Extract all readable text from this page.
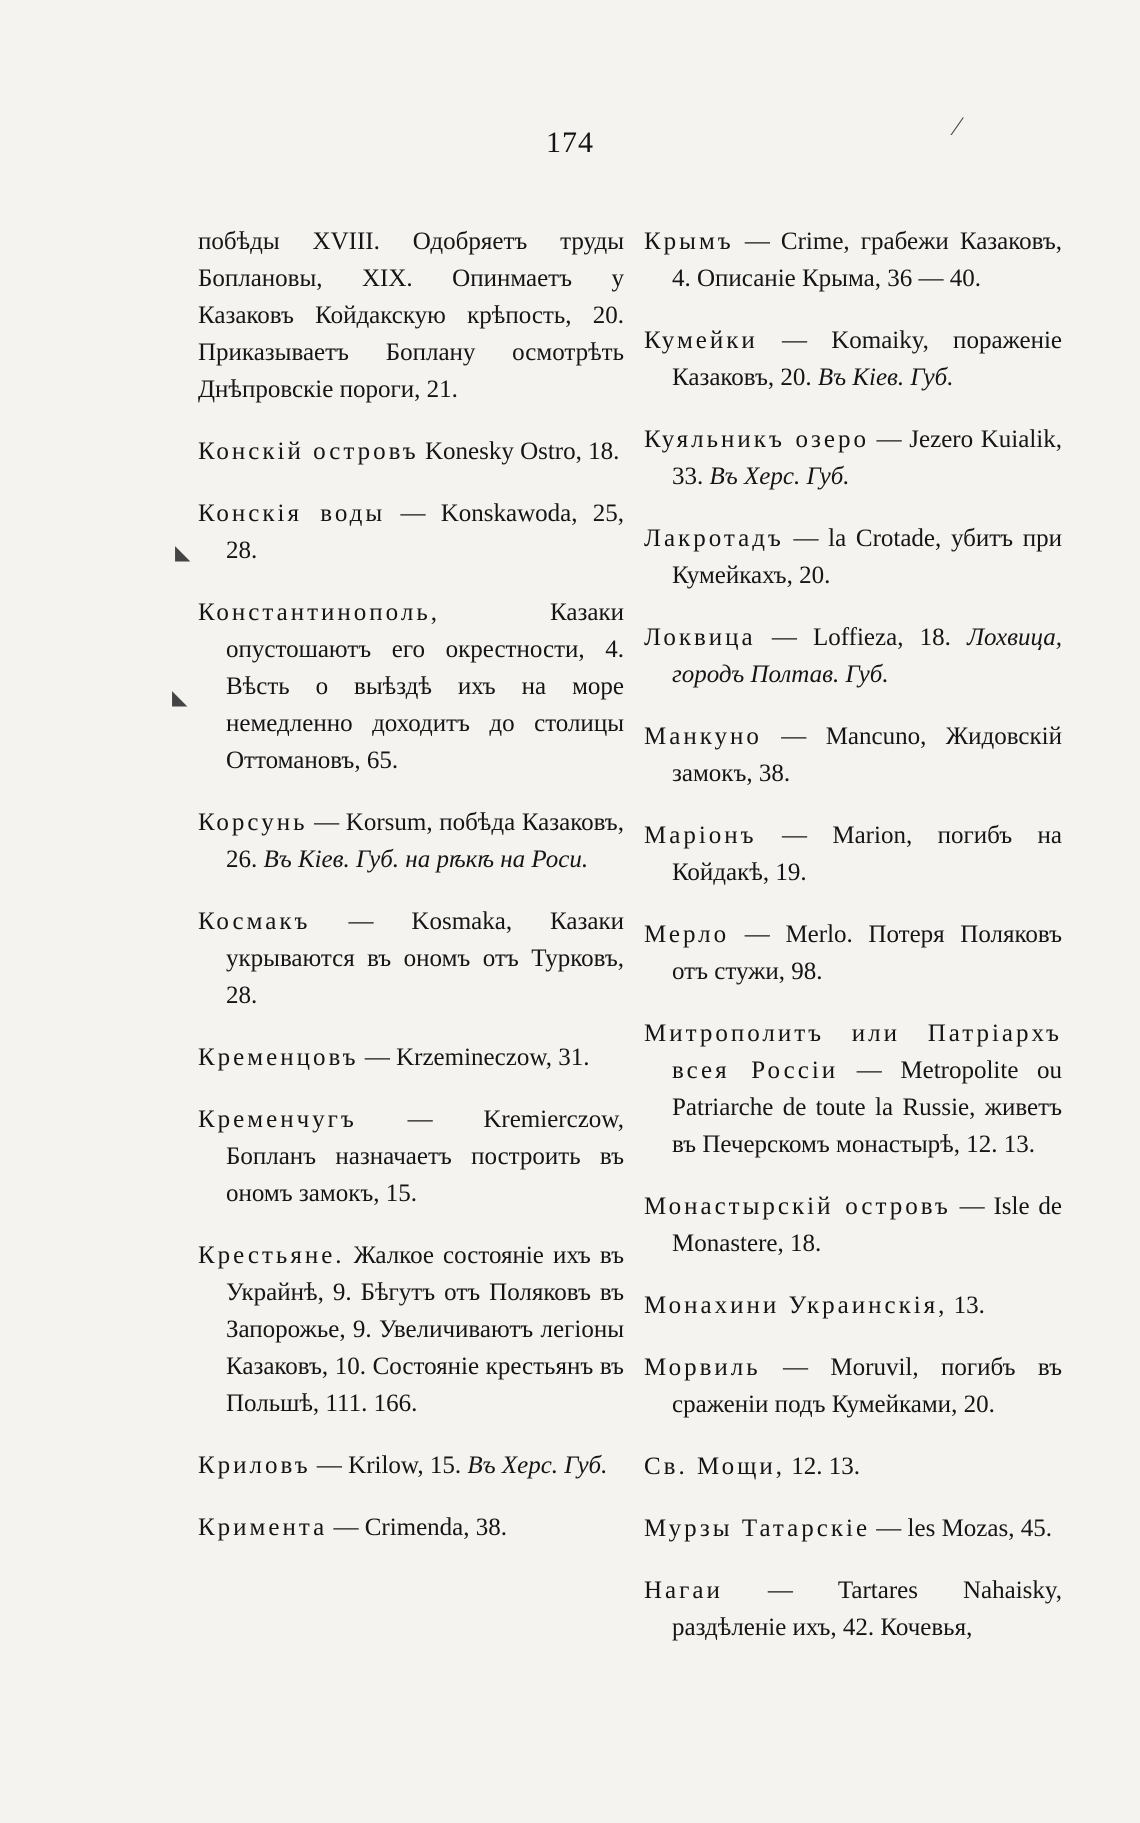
174	⁄
◣
◣

побѣды XVIII. Одобряетъ труды Боплановы, XIX. Опинмаетъ у Казаковъ Койдакскую крѣпость, 20. Приказываетъ Боплану осмотрѣть Днѣпровскіе пороги, 21.

Конскій островъ Konesky Ostro, 18.

Конскія воды — Konskawoda, 25, 28.

Константинополь, Казаки опустошаютъ его окрестности, 4. Вѣсть о выѣздѣ ихъ на море немедленно доходитъ до столицы Оттомановъ, 65.

Корсунь — Korsum, побѣда Казаковъ, 26. Въ Кіев. Губ. на рѣкѣ на Роси.

Космакъ — Kosmaka, Казаки укрываются въ ономъ отъ Турковъ, 28.

Кременцовъ — Krzemineczow, 31.

Кременчугъ — Kremierczow, Бопланъ назначаетъ построить въ ономъ замокъ, 15.

Крестьяне. Жалкое состояніе ихъ въ Украйнѣ, 9. Бѣгутъ отъ Поляковъ въ Запорожье, 9. Увеличиваютъ легіоны Казаковъ, 10. Состояніе крестьянъ въ Польшѣ, 111. 166.

Криловъ — Krilow, 15. Въ Херс. Губ.

Кримента — Crimenda, 38.

Крымъ — Crime, грабежи Казаковъ, 4. Описаніе Крыма, 36 — 40.

Кумейки — Komaiky, пораженіе Казаковъ, 20. Въ Кіев. Губ.

Куяльникъ озеро — Jezero Kuialik, 33. Въ Херс. Губ.

Лакротадъ — la Crotade, убитъ при Кумейкахъ, 20.

Локвица — Loffieza, 18. Лохвица, городъ Полтав. Губ.

Манкуно — Mancuno, Жидовскій замокъ, 38.

Маріонъ — Marion, погибъ на Койдакѣ, 19.

Мерло — Merlo. Потеря Поляковъ отъ стужи, 98.

Митрополитъ или Патріархъ всея Россіи — Metropolite ou Patriarche de toute la Russie, живетъ въ Печерскомъ монастырѣ, 12. 13.

Монастырскій островъ — Isle de Monastere, 18.

Монахини Украинскія, 13.

Морвиль — Moruvil, погибъ въ сраженіи подъ Кумейками, 20.

Св. Мощи, 12. 13.

Мурзы Татарскіе — les Mozas, 45.

Нагаи — Tartares Nahaisky, раздѣленіе ихъ, 42. Кочевья,
